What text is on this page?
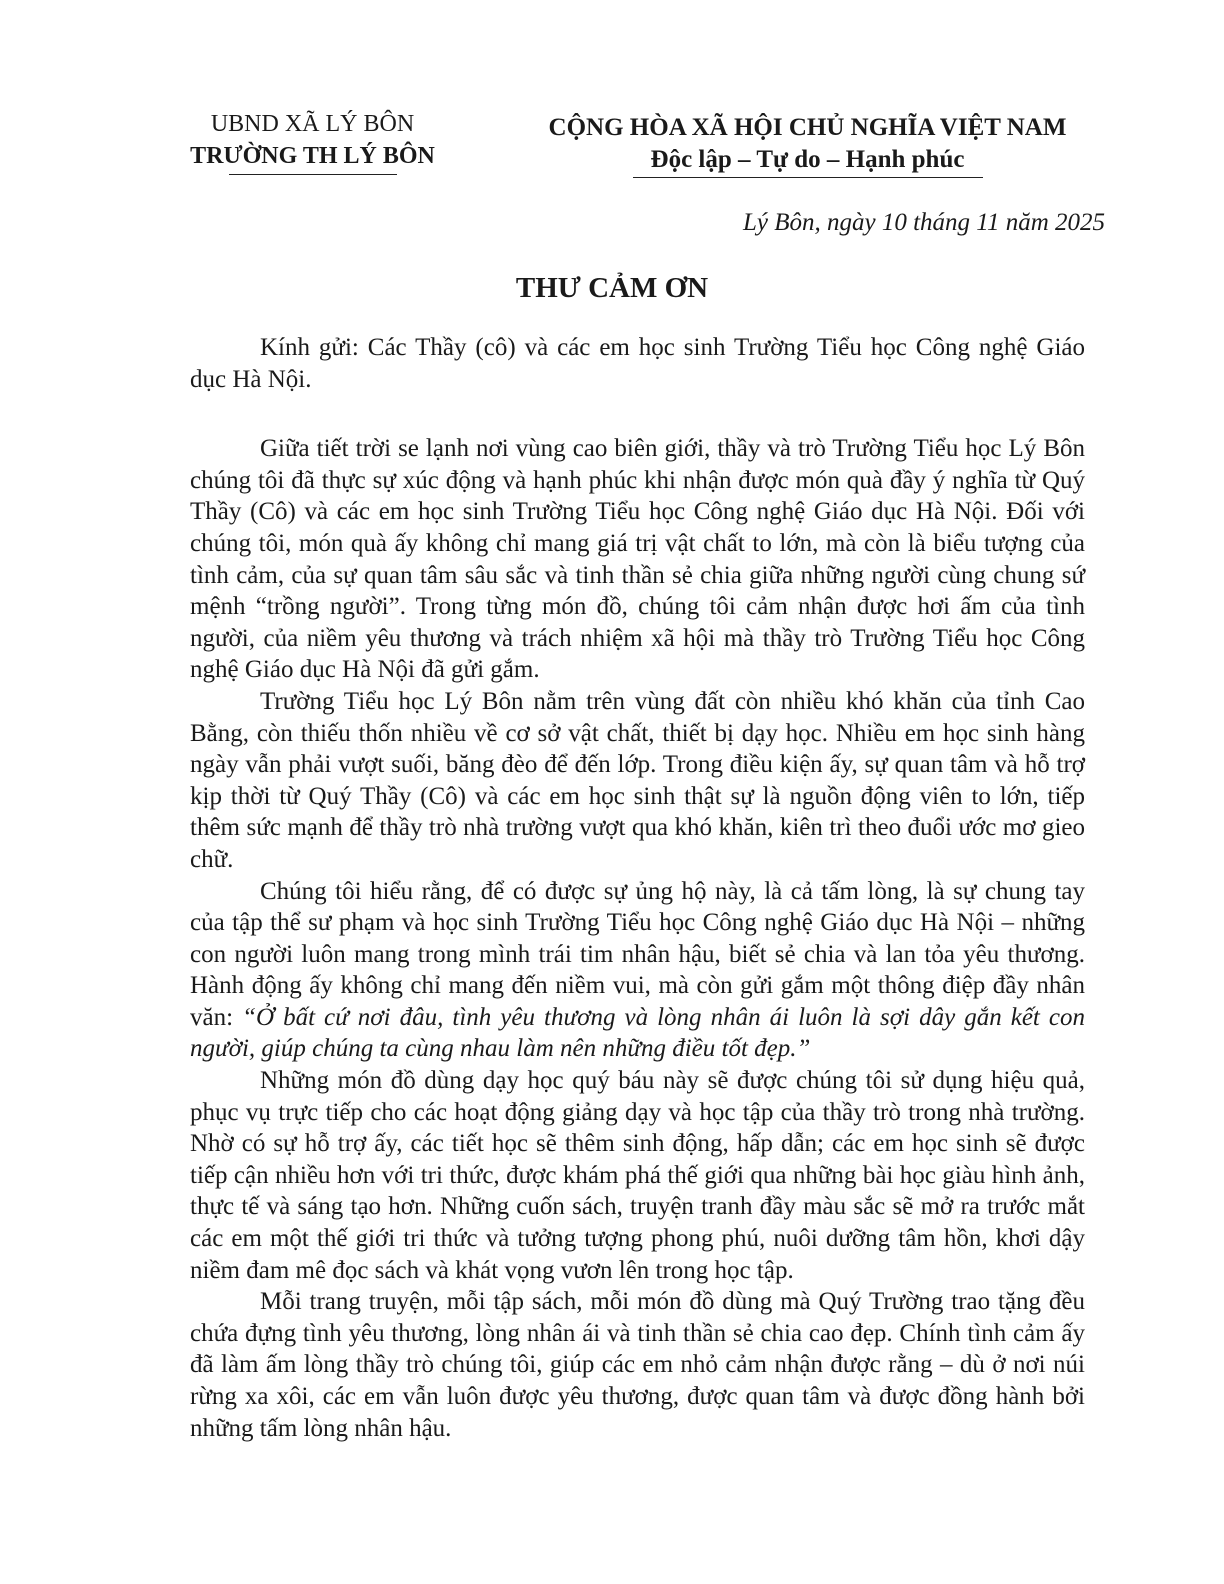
UBND XÃ LÝ BÔN
TRƯỜNG TH LÝ BÔN
CỘNG HÒA XÃ HỘI CHỦ NGHĨA VIỆT NAM
Độc lập – Tự do – Hạnh phúc
Lý Bôn, ngày 10 tháng 11 năm 2025
THƯ CẢM ƠN

Kính gửi: Các Thầy (cô) và các em học sinh Trường Tiểu học Công nghệ Giáo dục Hà Nội.

Giữa tiết trời se lạnh nơi vùng cao biên giới, thầy và trò Trường Tiểu học Lý Bôn chúng tôi đã thực sự xúc động và hạnh phúc khi nhận được món quà đầy ý nghĩa từ Quý Thầy (Cô) và các em học sinh Trường Tiểu học Công nghệ Giáo dục Hà Nội. Đối với chúng tôi, món quà ấy không chỉ mang giá trị vật chất to lớn, mà còn là biểu tượng của tình cảm, của sự quan tâm sâu sắc và tinh thần sẻ chia giữa những người cùng chung sứ mệnh “trồng người”. Trong từng món đồ, chúng tôi cảm nhận được hơi ấm của tình người, của niềm yêu thương và trách nhiệm xã hội mà thầy trò Trường Tiểu học Công nghệ Giáo dục Hà Nội đã gửi gắm.

Trường Tiểu học Lý Bôn nằm trên vùng đất còn nhiều khó khăn của tỉnh Cao Bằng, còn thiếu thốn nhiều về cơ sở vật chất, thiết bị dạy học. Nhiều em học sinh hàng ngày vẫn phải vượt suối, băng đèo để đến lớp. Trong điều kiện ấy, sự quan tâm và hỗ trợ kịp thời từ Quý Thầy (Cô) và các em học sinh thật sự là nguồn động viên to lớn, tiếp thêm sức mạnh để thầy trò nhà trường vượt qua khó khăn, kiên trì theo đuổi ước mơ gieo chữ.

Chúng tôi hiểu rằng, để có được sự ủng hộ này, là cả tấm lòng, là sự chung tay của tập thể sư phạm và học sinh Trường Tiểu học Công nghệ Giáo dục Hà Nội – những con người luôn mang trong mình trái tim nhân hậu, biết sẻ chia và lan tỏa yêu thương. Hành động ấy không chỉ mang đến niềm vui, mà còn gửi gắm một thông điệp đầy nhân văn: “Ở bất cứ nơi đâu, tình yêu thương và lòng nhân ái luôn là sợi dây gắn kết con người, giúp chúng ta cùng nhau làm nên những điều tốt đẹp.”

Những món đồ dùng dạy học quý báu này sẽ được chúng tôi sử dụng hiệu quả, phục vụ trực tiếp cho các hoạt động giảng dạy và học tập của thầy trò trong nhà trường. Nhờ có sự hỗ trợ ấy, các tiết học sẽ thêm sinh động, hấp dẫn; các em học sinh sẽ được tiếp cận nhiều hơn với tri thức, được khám phá thế giới qua những bài học giàu hình ảnh, thực tế và sáng tạo hơn. Những cuốn sách, truyện tranh đầy màu sắc sẽ mở ra trước mắt các em một thế giới tri thức và tưởng tượng phong phú, nuôi dưỡng tâm hồn, khơi dậy niềm đam mê đọc sách và khát vọng vươn lên trong học tập.

Mỗi trang truyện, mỗi tập sách, mỗi món đồ dùng mà Quý Trường trao tặng đều chứa đựng tình yêu thương, lòng nhân ái và tinh thần sẻ chia cao đẹp. Chính tình cảm ấy đã làm ấm lòng thầy trò chúng tôi, giúp các em nhỏ cảm nhận được rằng – dù ở nơi núi rừng xa xôi, các em vẫn luôn được yêu thương, được quan tâm và được đồng hành bởi những tấm lòng nhân hậu.
